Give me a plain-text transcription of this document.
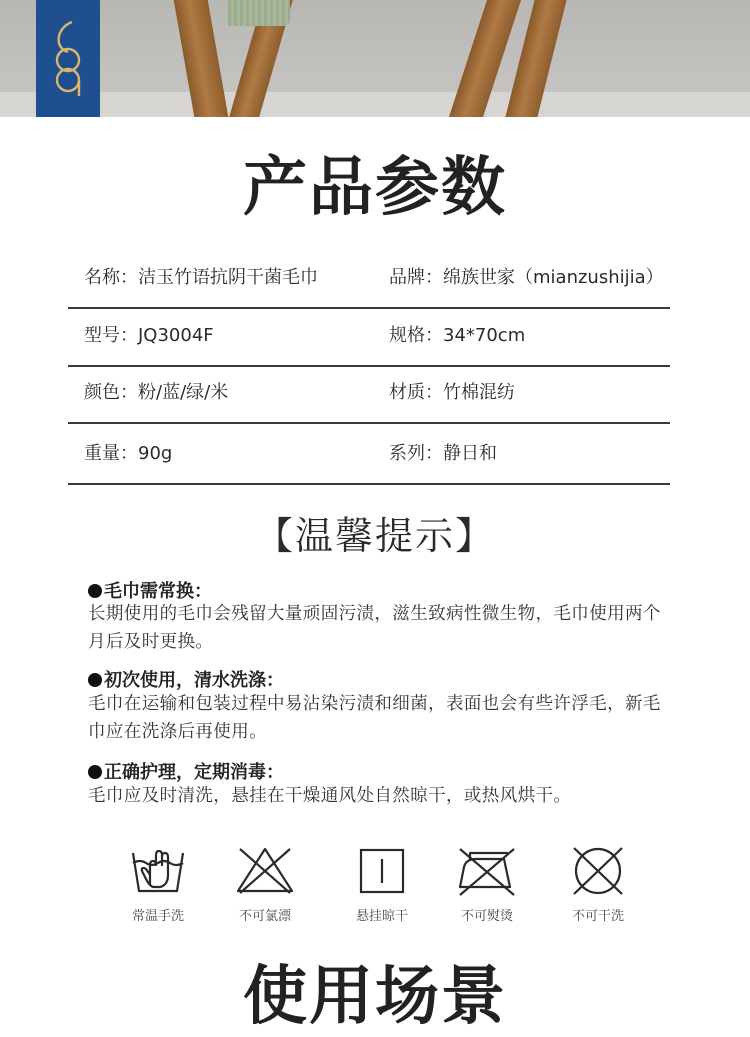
产品参数
名称：洁玉竹语抗阴干菌毛巾	品牌：绵族世家（mianzushijia）
型号：JQ3004F	规格：34*70cm
颜色：粉/蓝/绿/米	材质：竹棉混纺
重量：90g	系列：静日和
【温馨提示】
毛巾需常换：
长期使用的毛巾会残留大量顽固污渍，滋生致病性微生物，毛巾使用两个月后及时更换。
初次使用，清水洗涤：
毛巾在运输和包装过程中易沾染污渍和细菌，表面也会有些许浮毛，新毛巾应在洗涤后再使用。
正确护理，定期消毒：
毛巾应及时清洗，悬挂在干燥通风处自然晾干，或热风烘干。
常温手洗	不可氯漂	悬挂晾干	不可熨烫	不可干洗
使用场景
